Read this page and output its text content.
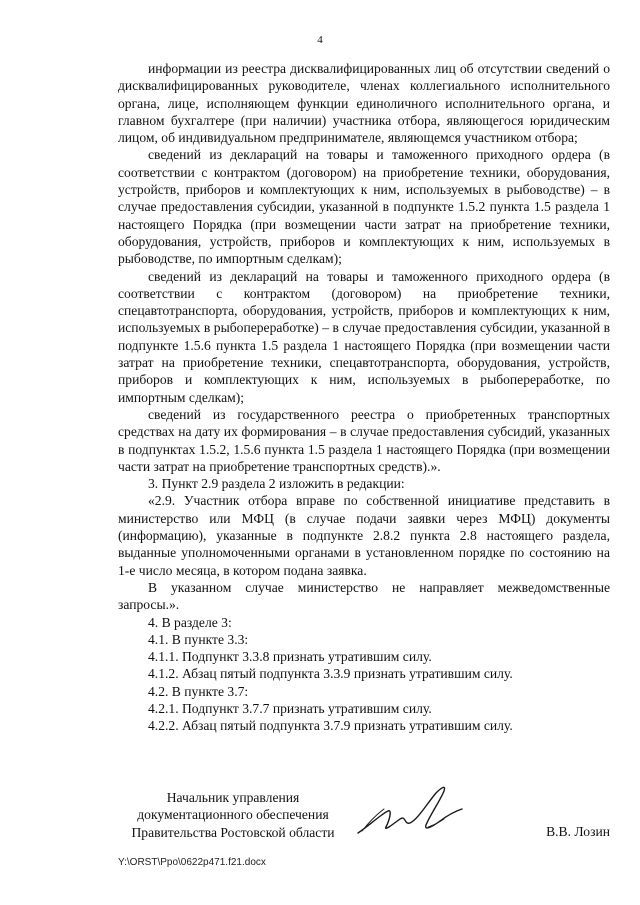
4

информации из реестра дисквалифицированных лиц об отсутствии сведений о дисквалифицированных руководителе, членах коллегиального исполнительного органа, лице, исполняющем функции единоличного исполнительного органа, и главном бухгалтере (при наличии) участника отбора, являющегося юридическим лицом, об индивидуальном предпринимателе, являющемся участником отбора;

сведений из деклараций на товары и таможенного приходного ордера (в соответствии с контрактом (договором) на приобретение техники, оборудования, устройств, приборов и комплектующих к ним, используемых в рыбоводстве) – в случае предоставления субсидии, указанной в подпункте 1.5.2 пункта 1.5 раздела 1 настоящего Порядка (при возмещении части затрат на приобретение техники, оборудования, устройств, приборов и комплектующих к ним, используемых в рыбоводстве, по импортным сделкам);

сведений из деклараций на товары и таможенного приходного ордера (в соответствии с контрактом (договором) на приобретение техники, спецавтотранспорта, оборудования, устройств, приборов и комплектующих к ним, используемых в рыбопереработке) – в случае предоставления субсидии, указанной в подпункте 1.5.6 пункта 1.5 раздела 1 настоящего Порядка (при возмещении части затрат на приобретение техники, спецавтотранспорта, оборудования, устройств, приборов и комплектующих к ним, используемых в рыбопереработке, по импортным сделкам);

сведений из государственного реестра о приобретенных транспортных средствах на дату их формирования – в случае предоставления субсидий, указанных в подпунктах 1.5.2, 1.5.6 пункта 1.5 раздела 1 настоящего Порядка (при возмещении части затрат на приобретение транспортных средств).».

3. Пункт 2.9 раздела 2 изложить в редакции:

«2.9. Участник отбора вправе по собственной инициативе представить в министерство или МФЦ (в случае подачи заявки через МФЦ) документы (информацию), указанные в подпункте 2.8.2 пункта 2.8 настоящего раздела, выданные уполномоченными органами в установленном порядке по состоянию на 1-е число месяца, в котором подана заявка.

В указанном случае министерство не направляет межведомственные запросы.».

4. В разделе 3:

4.1. В пункте 3.3:

4.1.1. Подпункт 3.3.8 признать утратившим силу.

4.1.2. Абзац пятый подпункта 3.3.9 признать утратившим силу.

4.2. В пункте 3.7:

4.2.1. Подпункт 3.7.7 признать утратившим силу.

4.2.2. Абзац пятый подпункта 3.7.9 признать утратившим силу.

Начальник управления
документационного обеспечения
Правительства Ростовской области	В.В. Лозин
Y:\ORST\Ppo\0622p471.f21.docx
